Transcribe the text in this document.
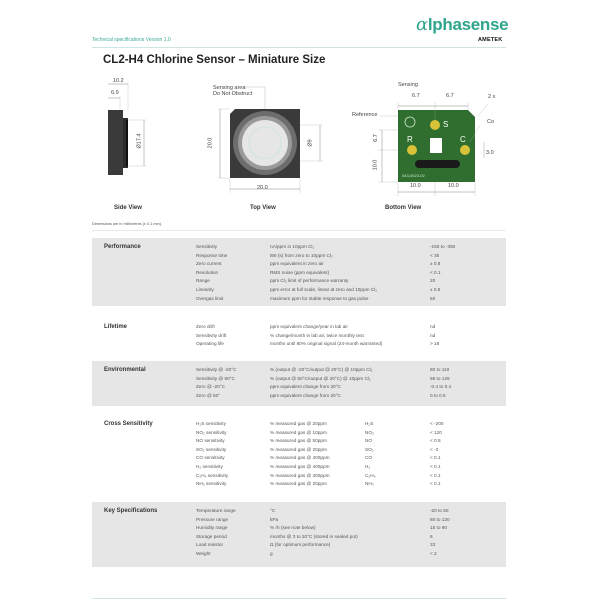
αlphasense
AMETEK
Technical specifications Version 1.0
CL2-H4 Chlorine Sensor – Miniature Size
10.2
6.9
Ø17.4
Side View
Sensing area
Do Not Obstruct
20.0
20.0
Ø9
Top View
Sensing
Reference
Co
2 x
6.7	6.7
6.7
10.0
10.0	10.0
3.0
S
R	C
043-0023-02
Bottom View
Dimensions are in millimetres (± 0.1 mm).
Performance	Sensitivity	nA/ppm in 10ppm Cl₂	-150 to -350
Response time	t90 (s) from zero to 10ppm Cl₂	< 35
Zero current	ppm equivalent in zero air	± 0.8
Resolution	RMS noise (ppm equivalent)	< 0.1
Range	ppm Cl₂ limit of performance warranty	20
Linearity	ppm error at full scale, linear at zero and 10ppm Cl₂	± 0.5
Overgas limit	maximum ppm for stable response to gas pulse	60
Lifetime	Zero drift	ppm equivalent change/year in lab air	nd
Sensitivity drift	% change/month in lab air, twice monthly test	nd
Operating life	months until 80% original signal (24-month warranted)	> 18
Environmental	Sensitivity @ -20°C	% (output @ -20°C/output @ 20°C) @ 10ppm Cl₂	80 to 110
Sensitivity @ 50°C	% (output @ 50°C/output @ 20°C) @ 10ppm Cl₂	95 to 125
Zero @ -20°C	ppm equivalent change from 20°C	-0.4 to 0.4
Zero @ 50°	ppm equivalent change from 20°C	0 to 0.5
Cross Sensitivity	H₂S sensitivity	% measured gas @ 20ppm	H₂S	< -200
NO₂ sensitivity	% measured gas @ 10ppm	NO₂	< 120
NO sensitivity	% measured gas @ 50ppm	NO	< 0.5
SO₂ sensitivity	% measured gas @ 20ppm	SO₂	< -3
CO sensitivity	% measured gas @ 400ppm	CO	< 0.1
H₂ sensitivity	% measured gas @ 400ppm	H₂	< 0.1
C₂H₄ sensitivity	% measured gas @ 400ppm	C₂H₄	< 0.1
NH₃ sensitivity	% measured gas @ 20ppm	NH₃	< 0.1
Key Specifications	Temperature range	°C	-20 to 50
Pressure range	kPa	80 to 120
Humidity range	% rh (see note below)	15 to 90
Storage period	months @ 3 to 20°C (stored in sealed pot)	6
Load resistor	Ω (for optimum performance)	33
Weight	g	< 2
